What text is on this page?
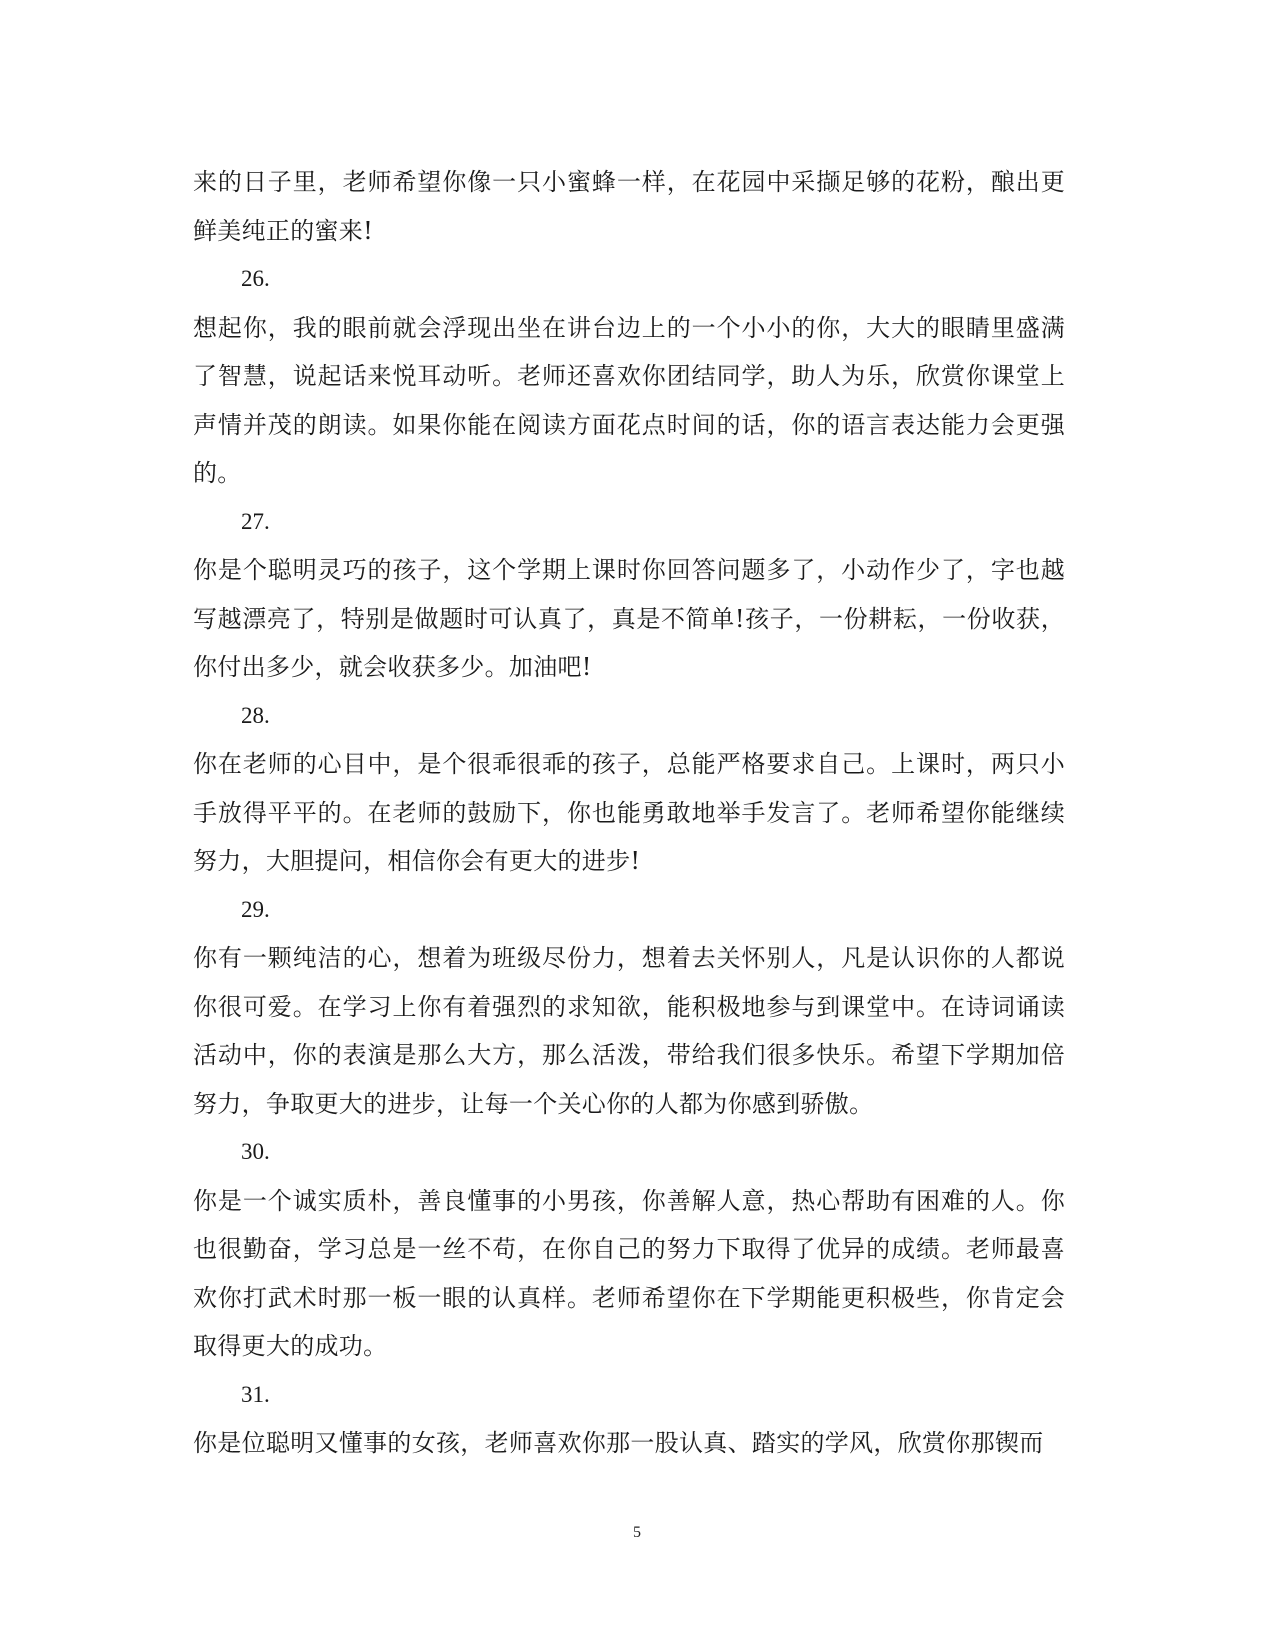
来的日子里，老师希望你像一只小蜜蜂一样，在花园中采撷足够的花粉，酿出更鲜美纯正的蜜来!

26.

想起你，我的眼前就会浮现出坐在讲台边上的一个小小的你，大大的眼睛里盛满了智慧，说起话来悦耳动听。老师还喜欢你团结同学，助人为乐，欣赏你课堂上声情并茂的朗读。如果你能在阅读方面花点时间的话，你的语言表达能力会更强的。

27.

你是个聪明灵巧的孩子，这个学期上课时你回答问题多了，小动作少了，字也越写越漂亮了，特别是做题时可认真了，真是不简单!孩子，一份耕耘，一份收获，你付出多少，就会收获多少。加油吧!

28.

你在老师的心目中，是个很乖很乖的孩子，总能严格要求自己。上课时，两只小手放得平平的。在老师的鼓励下，你也能勇敢地举手发言了。老师希望你能继续努力，大胆提问，相信你会有更大的进步!

29.

你有一颗纯洁的心，想着为班级尽份力，想着去关怀别人，凡是认识你的人都说你很可爱。在学习上你有着强烈的求知欲，能积极地参与到课堂中。在诗词诵读活动中，你的表演是那么大方，那么活泼，带给我们很多快乐。希望下学期加倍努力，争取更大的进步，让每一个关心你的人都为你感到骄傲。

30.

你是一个诚实质朴，善良懂事的小男孩，你善解人意，热心帮助有困难的人。你也很勤奋，学习总是一丝不苟，在你自己的努力下取得了优异的成绩。老师最喜欢你打武术时那一板一眼的认真样。老师希望你在下学期能更积极些，你肯定会取得更大的成功。

31.

你是位聪明又懂事的女孩，老师喜欢你那一股认真、踏实的学风，欣赏你那锲而

5
